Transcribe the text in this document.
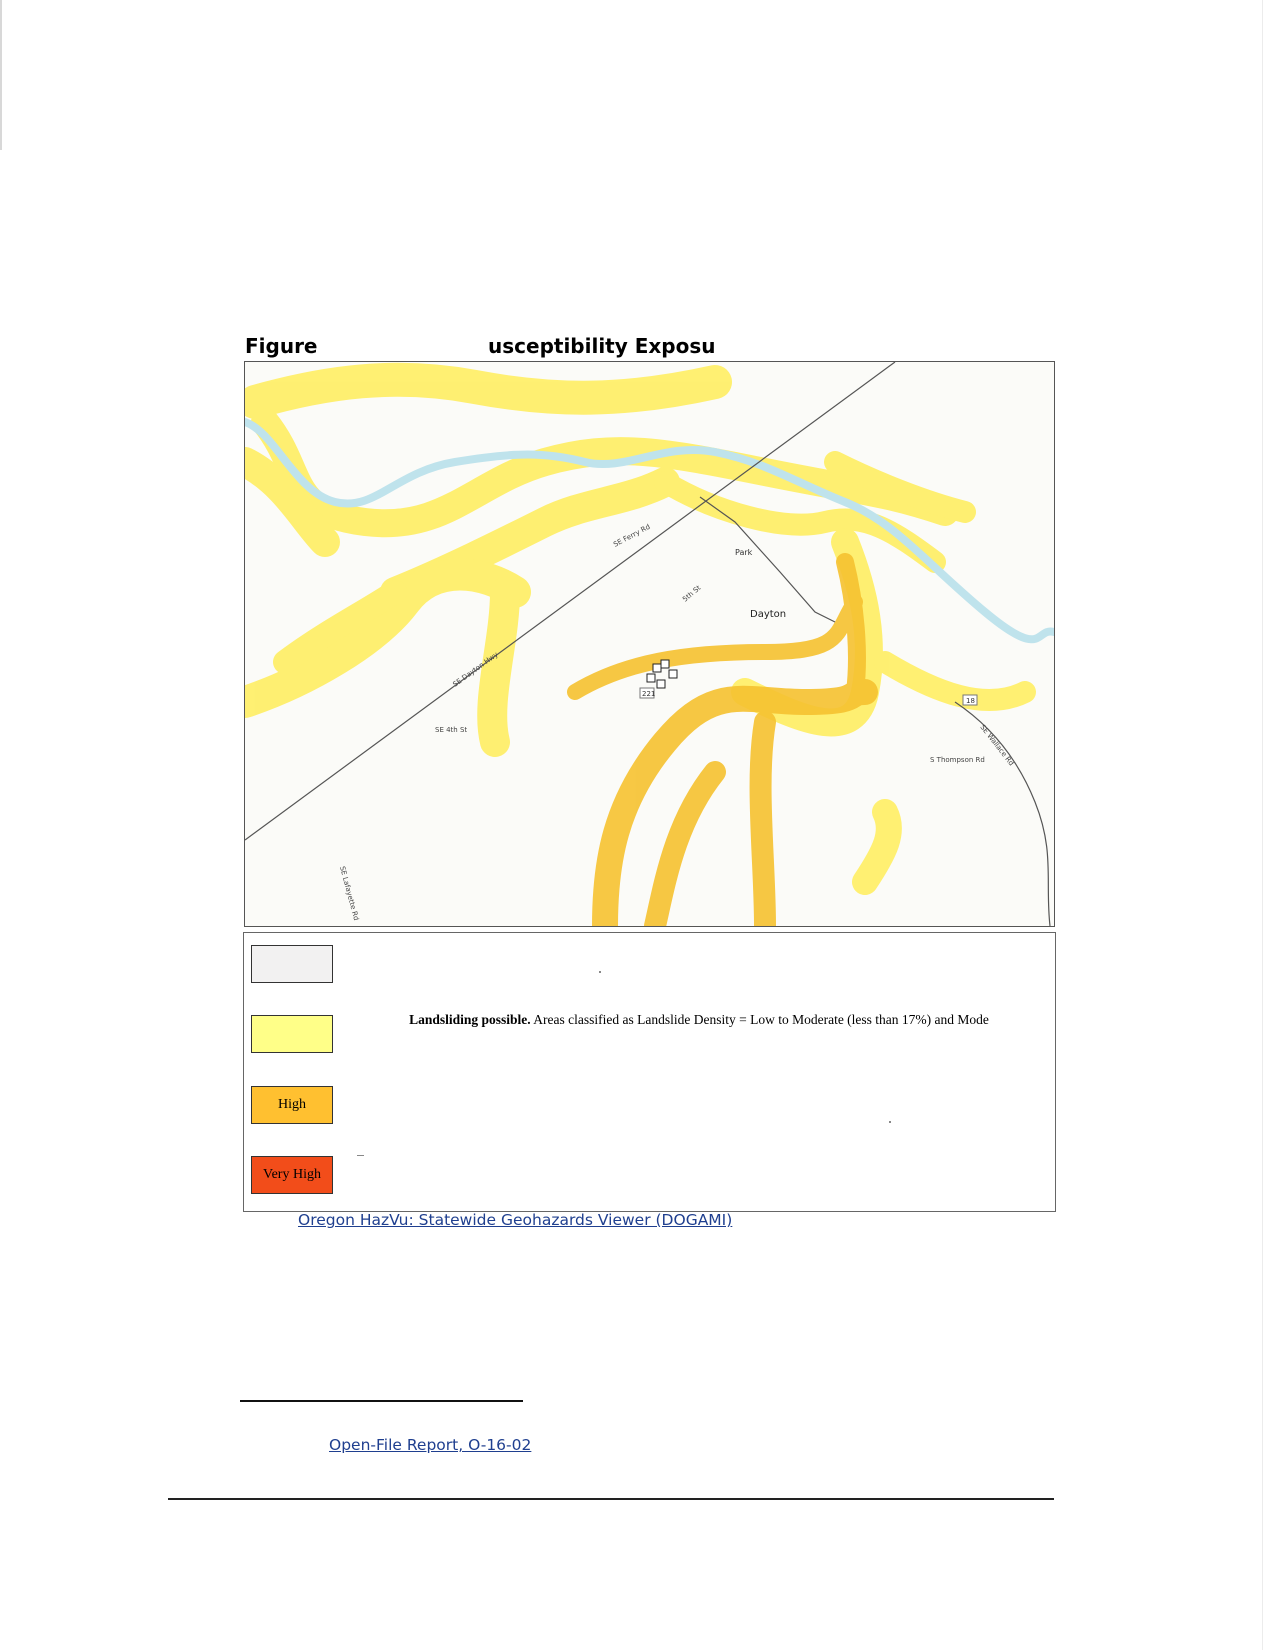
Figure	usceptibility Exposu
Dayton
Park
SE Ferry Rd
SE Dayton Hwy
SE Wallace Rd
5th St
S Thompson Rd
SE 4th St
SE Lafayette Rd
221
18
High
Very High
Landsliding possible. Areas classified as Landslide Density = Low to Moderate (less than 17%) and Mode
Oregon HazVu: Statewide Geohazards Viewer (DOGAMI)
Open-File Report, O-16-02
